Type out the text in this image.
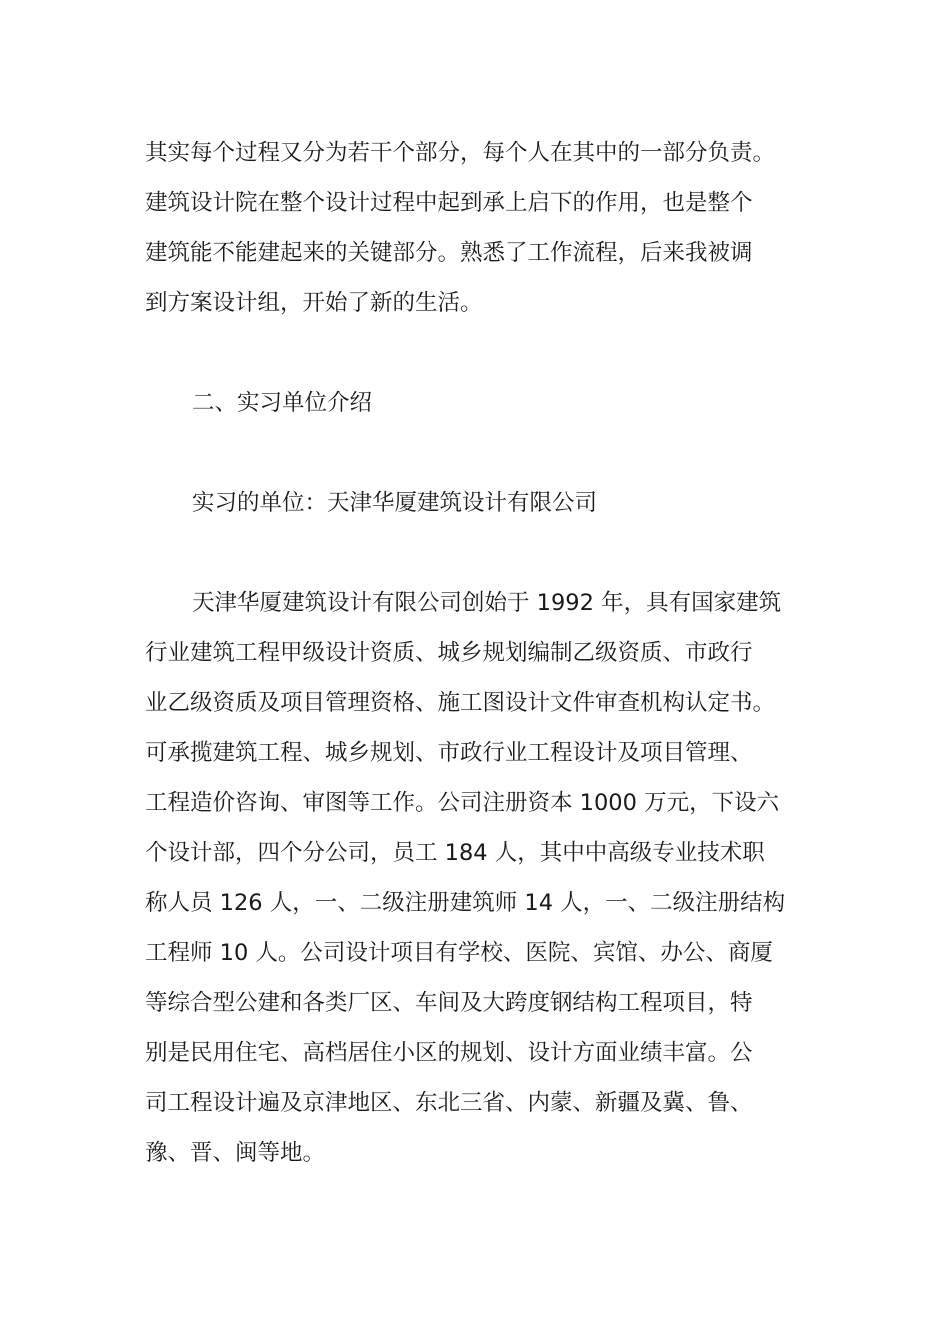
其实每个过程又分为若干个部分，每个人在其中的一部分负责。
建筑设计院在整个设计过程中起到承上启下的作用，也是整个
建筑能不能建起来的关键部分。熟悉了工作流程，后来我被调
到方案设计组，开始了新的生活。
二、实习单位介绍
实习的单位：天津华厦建筑设计有限公司
天津华厦建筑设计有限公司创始于 1992 年，具有国家建筑
行业建筑工程甲级设计资质、城乡规划编制乙级资质、市政行
业乙级资质及项目管理资格、施工图设计文件审查机构认定书。
可承揽建筑工程、城乡规划、市政行业工程设计及项目管理、
工程造价咨询、审图等工作。公司注册资本 1000 万元，下设六
个设计部，四个分公司，员工 184 人，其中中高级专业技术职
称人员 126 人，一、二级注册建筑师 14 人，一、二级注册结构
工程师 10 人。公司设计项目有学校、医院、宾馆、办公、商厦
等综合型公建和各类厂区、车间及大跨度钢结构工程项目，特
别是民用住宅、高档居住小区的规划、设计方面业绩丰富。公
司工程设计遍及京津地区、东北三省、内蒙、新疆及冀、鲁、
豫、晋、闽等地。
